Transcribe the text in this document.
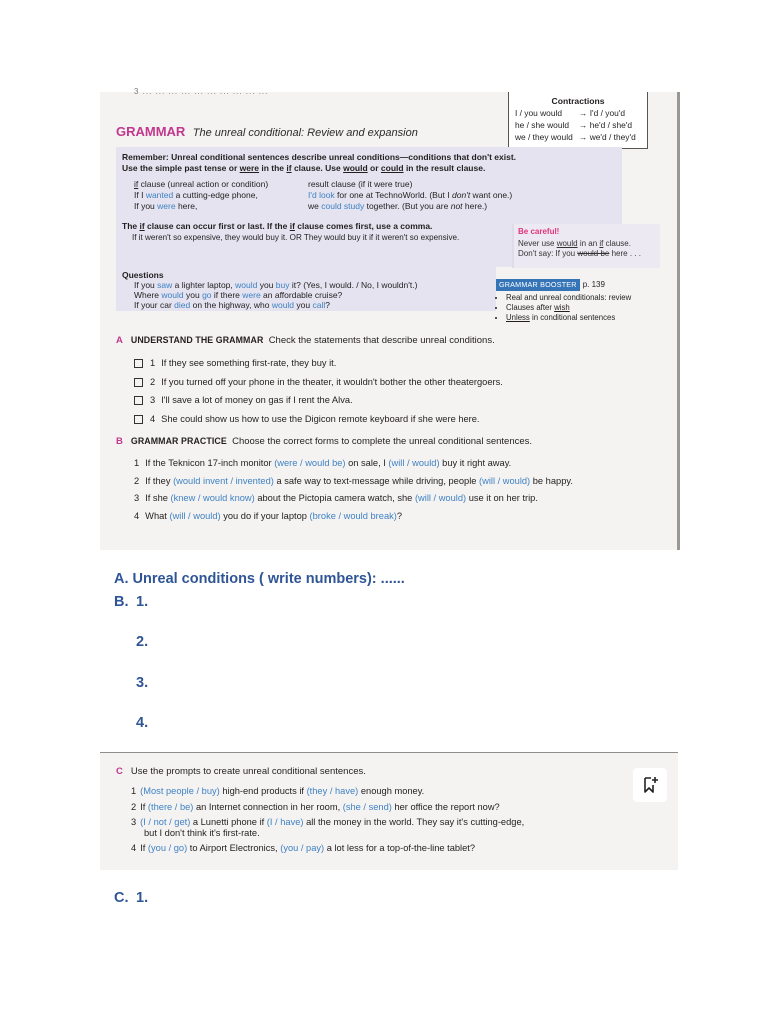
3 ... ... ... ... ... ... ... ... ... ...
GRAMMAR The unreal conditional: Review and expansion
Contractions
I / you would	→ I'd / you'd
he / she would	→ he'd / she'd
we / they would → we'd / they'd
Remember: Unreal conditional sentences describe unreal conditions—conditions that don't exist.
Use the simple past tense or were in the if clause. Use would or could in the result clause.
if clause (unreal action or condition)	result clause (if it were true)
If I wanted a cutting-edge phone,	I'd look for one at TechnoWorld. (But I don't want one.)
If you were here,	we could study together. (But you are not here.)
The if clause can occur first or last. If the if clause comes first, use a comma.
If it weren't so expensive, they would buy it. OR They would buy it if it weren't so expensive.
Be careful!
Never use would in an if clause.
Don't say: If you would be here . . .
Questions
If you saw a lighter laptop, would you buy it? (Yes, I would. / No, I wouldn't.)
Where would you go if there were an affordable cruise?
If your car died on the highway, who would you call?
GRAMMAR BOOSTER p. 139
• Real and unreal conditionals: review
• Clauses after wish
• Unless in conditional sentences
A UNDERSTAND THE GRAMMAR Check the statements that describe unreal conditions.
1 If they see something first-rate, they buy it.
2 If you turned off your phone in the theater, it wouldn't bother the other theatergoers.
3 I'll save a lot of money on gas if I rent the Alva.
4 She could show us how to use the Digicon remote keyboard if she were here.
B GRAMMAR PRACTICE Choose the correct forms to complete the unreal conditional sentences.
1 If the Teknicon 17-inch monitor (were / would be) on sale, I (will / would) buy it right away.
2 If they (would invent / invented) a safe way to text-message while driving, people (will / would) be happy.
3 If she (knew / would know) about the Pictopia camera watch, she (will / would) use it on her trip.
4 What (will / would) you do if your laptop (broke / would break)?
A. Unreal conditions ( write numbers): ......
B. 1.
2.
3.
4.
C Use the prompts to create unreal conditional sentences.
1 (Most people / buy) high-end products if (they / have) enough money.
2 If (there / be) an Internet connection in her room, (she / send) her office the report now?
3 (I / not / get) a Lunetti phone if (I / have) all the money in the world. They say it's cutting-edge,
but I don't think it's first-rate.
4 If (you / go) to Airport Electronics, (you / pay) a lot less for a top-of-the-line tablet?
C. 1.
